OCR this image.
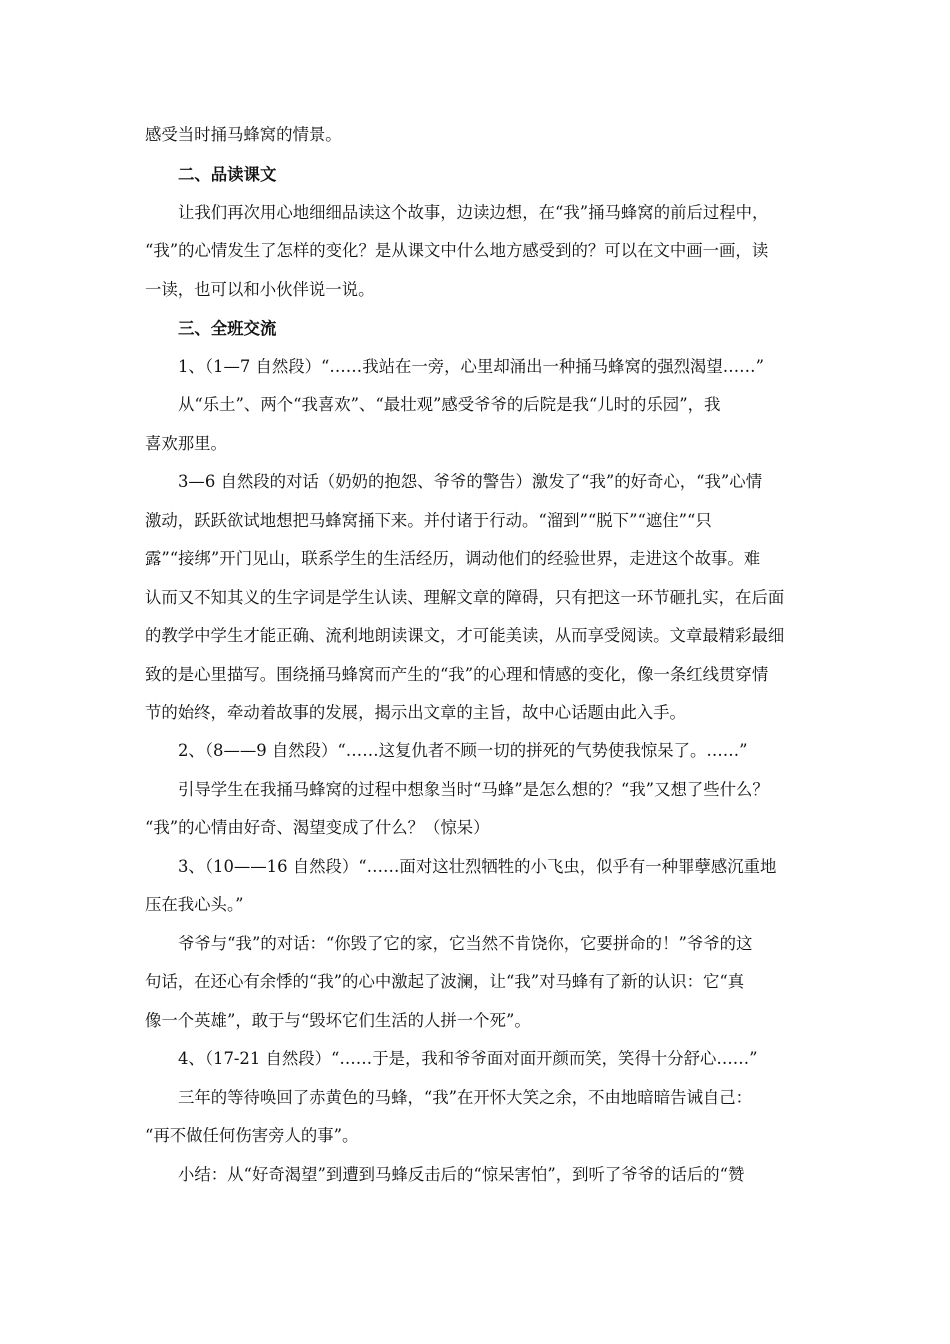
感受当时捅马蜂窝的情景。
二、品读课文
让我们再次用心地细细品读这个故事，边读边想，在“我”捅马蜂窝的前后过程中，
“我”的心情发生了怎样的变化？是从课文中什么地方感受到的？可以在文中画一画，读
一读，也可以和小伙伴说一说。
三、全班交流
1、（1—7 自然段）“……我站在一旁，心里却涌出一种捅马蜂窝的强烈渴望……”
从“乐土”、两个“我喜欢”、“最壮观”感受爷爷的后院是我“儿时的乐园”，我
喜欢那里。
3—6 自然段的对话（奶奶的抱怨、爷爷的警告）激发了“我”的好奇心，“我”心情
激动，跃跃欲试地想把马蜂窝捅下来。并付诸于行动。“溜到”“脱下”“遮住”“只
露”“接绑”开门见山，联系学生的生活经历，调动他们的经验世界，走进这个故事。难
认而又不知其义的生字词是学生认读、理解文章的障碍，只有把这一环节砸扎实，在后面
的教学中学生才能正确、流利地朗读课文，才可能美读，从而享受阅读。文章最精彩最细
致的是心里描写。围绕捅马蜂窝而产生的“我”的心理和情感的变化，像一条红线贯穿情
节的始终，牵动着故事的发展，揭示出文章的主旨，故中心话题由此入手。
2、（8——9 自然段）“……这复仇者不顾一切的拼死的气势使我惊呆了。……”
引导学生在我捅马蜂窝的过程中想象当时“马蜂”是怎么想的？“我”又想了些什么？
“我”的心情由好奇、渴望变成了什么？（惊呆）
3、（10——16 自然段）“……面对这壮烈牺牲的小飞虫，似乎有一种罪孽感沉重地
压在我心头。”
爷爷与“我”的对话：“你毁了它的家，它当然不肯饶你，它要拼命的！”爷爷的这
句话，在还心有余悸的“我”的心中激起了波澜，让“我”对马蜂有了新的认识：它“真
像一个英雄”，敢于与“毁坏它们生活的人拼一个死”。
4、（17-21 自然段）“……于是，我和爷爷面对面开颜而笑，笑得十分舒心……”
三年的等待唤回了赤黄色的马蜂，“我”在开怀大笑之余，不由地暗暗告诫自己：
“再不做任何伤害旁人的事”。
小结：从“好奇渴望”到遭到马蜂反击后的“惊呆害怕”，到听了爷爷的话后的“赞
